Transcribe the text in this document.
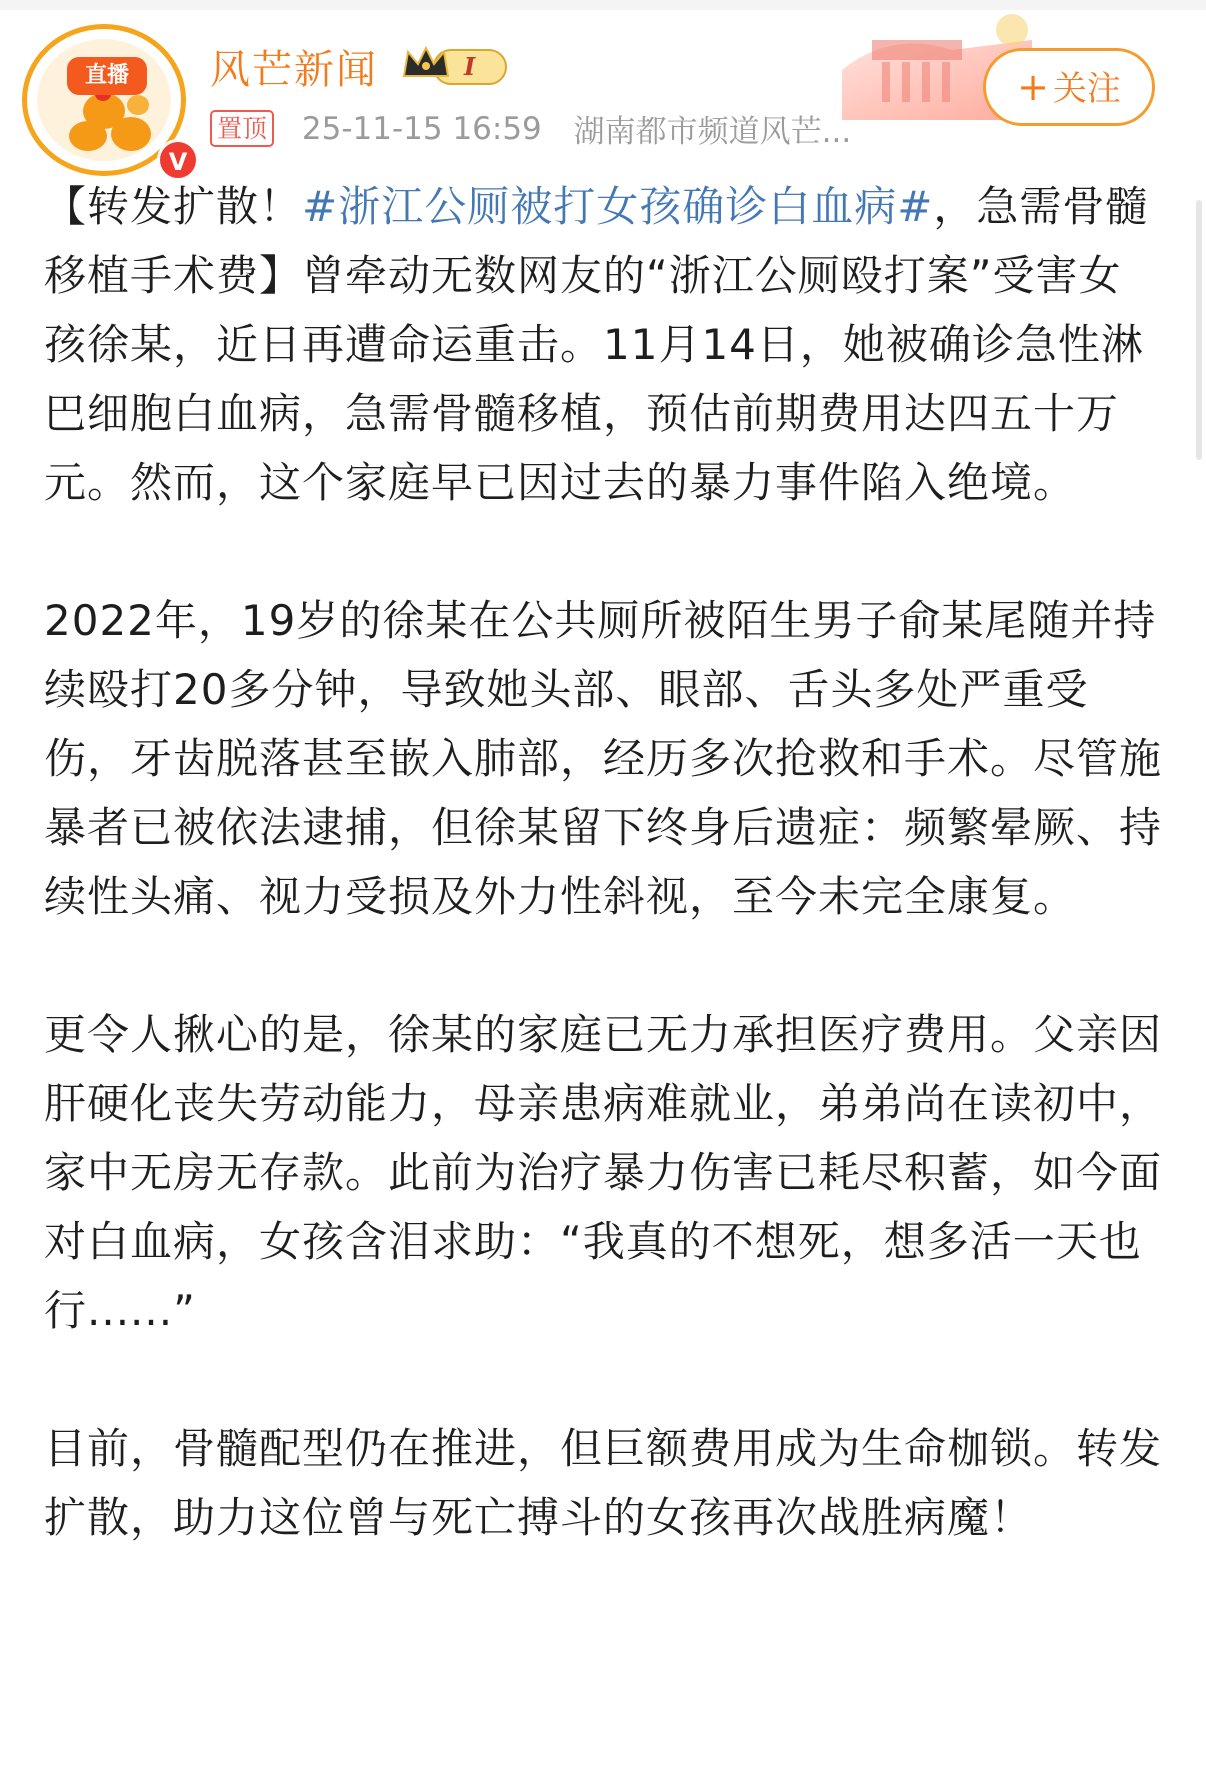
直播
V
风芒新闻	I
置顶 25-11-15 16:59 湖南都市频道风芒...
+ 关注

【转发扩散！#浙江公厕被打女孩确诊白血病#，急需骨髓移植手术费】曾牵动无数网友的“浙江公厕殴打案”受害女孩徐某，近日再遭命运重击。11月14日，她被确诊急性淋巴细胞白血病，急需骨髓移植，预估前期费用达四五十万元。然而，这个家庭早已因过去的暴力事件陷入绝境。

2022年，19岁的徐某在公共厕所被陌生男子俞某尾随并持续殴打20多分钟，导致她头部、眼部、舌头多处严重受伤，牙齿脱落甚至嵌入肺部，经历多次抢救和手术。尽管施暴者已被依法逮捕，但徐某留下终身后遗症：频繁晕厥、持续性头痛、视力受损及外力性斜视，至今未完全康复。

更令人揪心的是，徐某的家庭已无力承担医疗费用。父亲因肝硬化丧失劳动能力，母亲患病难就业，弟弟尚在读初中，家中无房无存款。此前为治疗暴力伤害已耗尽积蓄，如今面对白血病，女孩含泪求助：“我真的不想死，想多活一天也行......”

目前，骨髓配型仍在推进，但巨额费用成为生命枷锁。转发扩散，助力这位曾与死亡搏斗的女孩再次战胜病魔！
